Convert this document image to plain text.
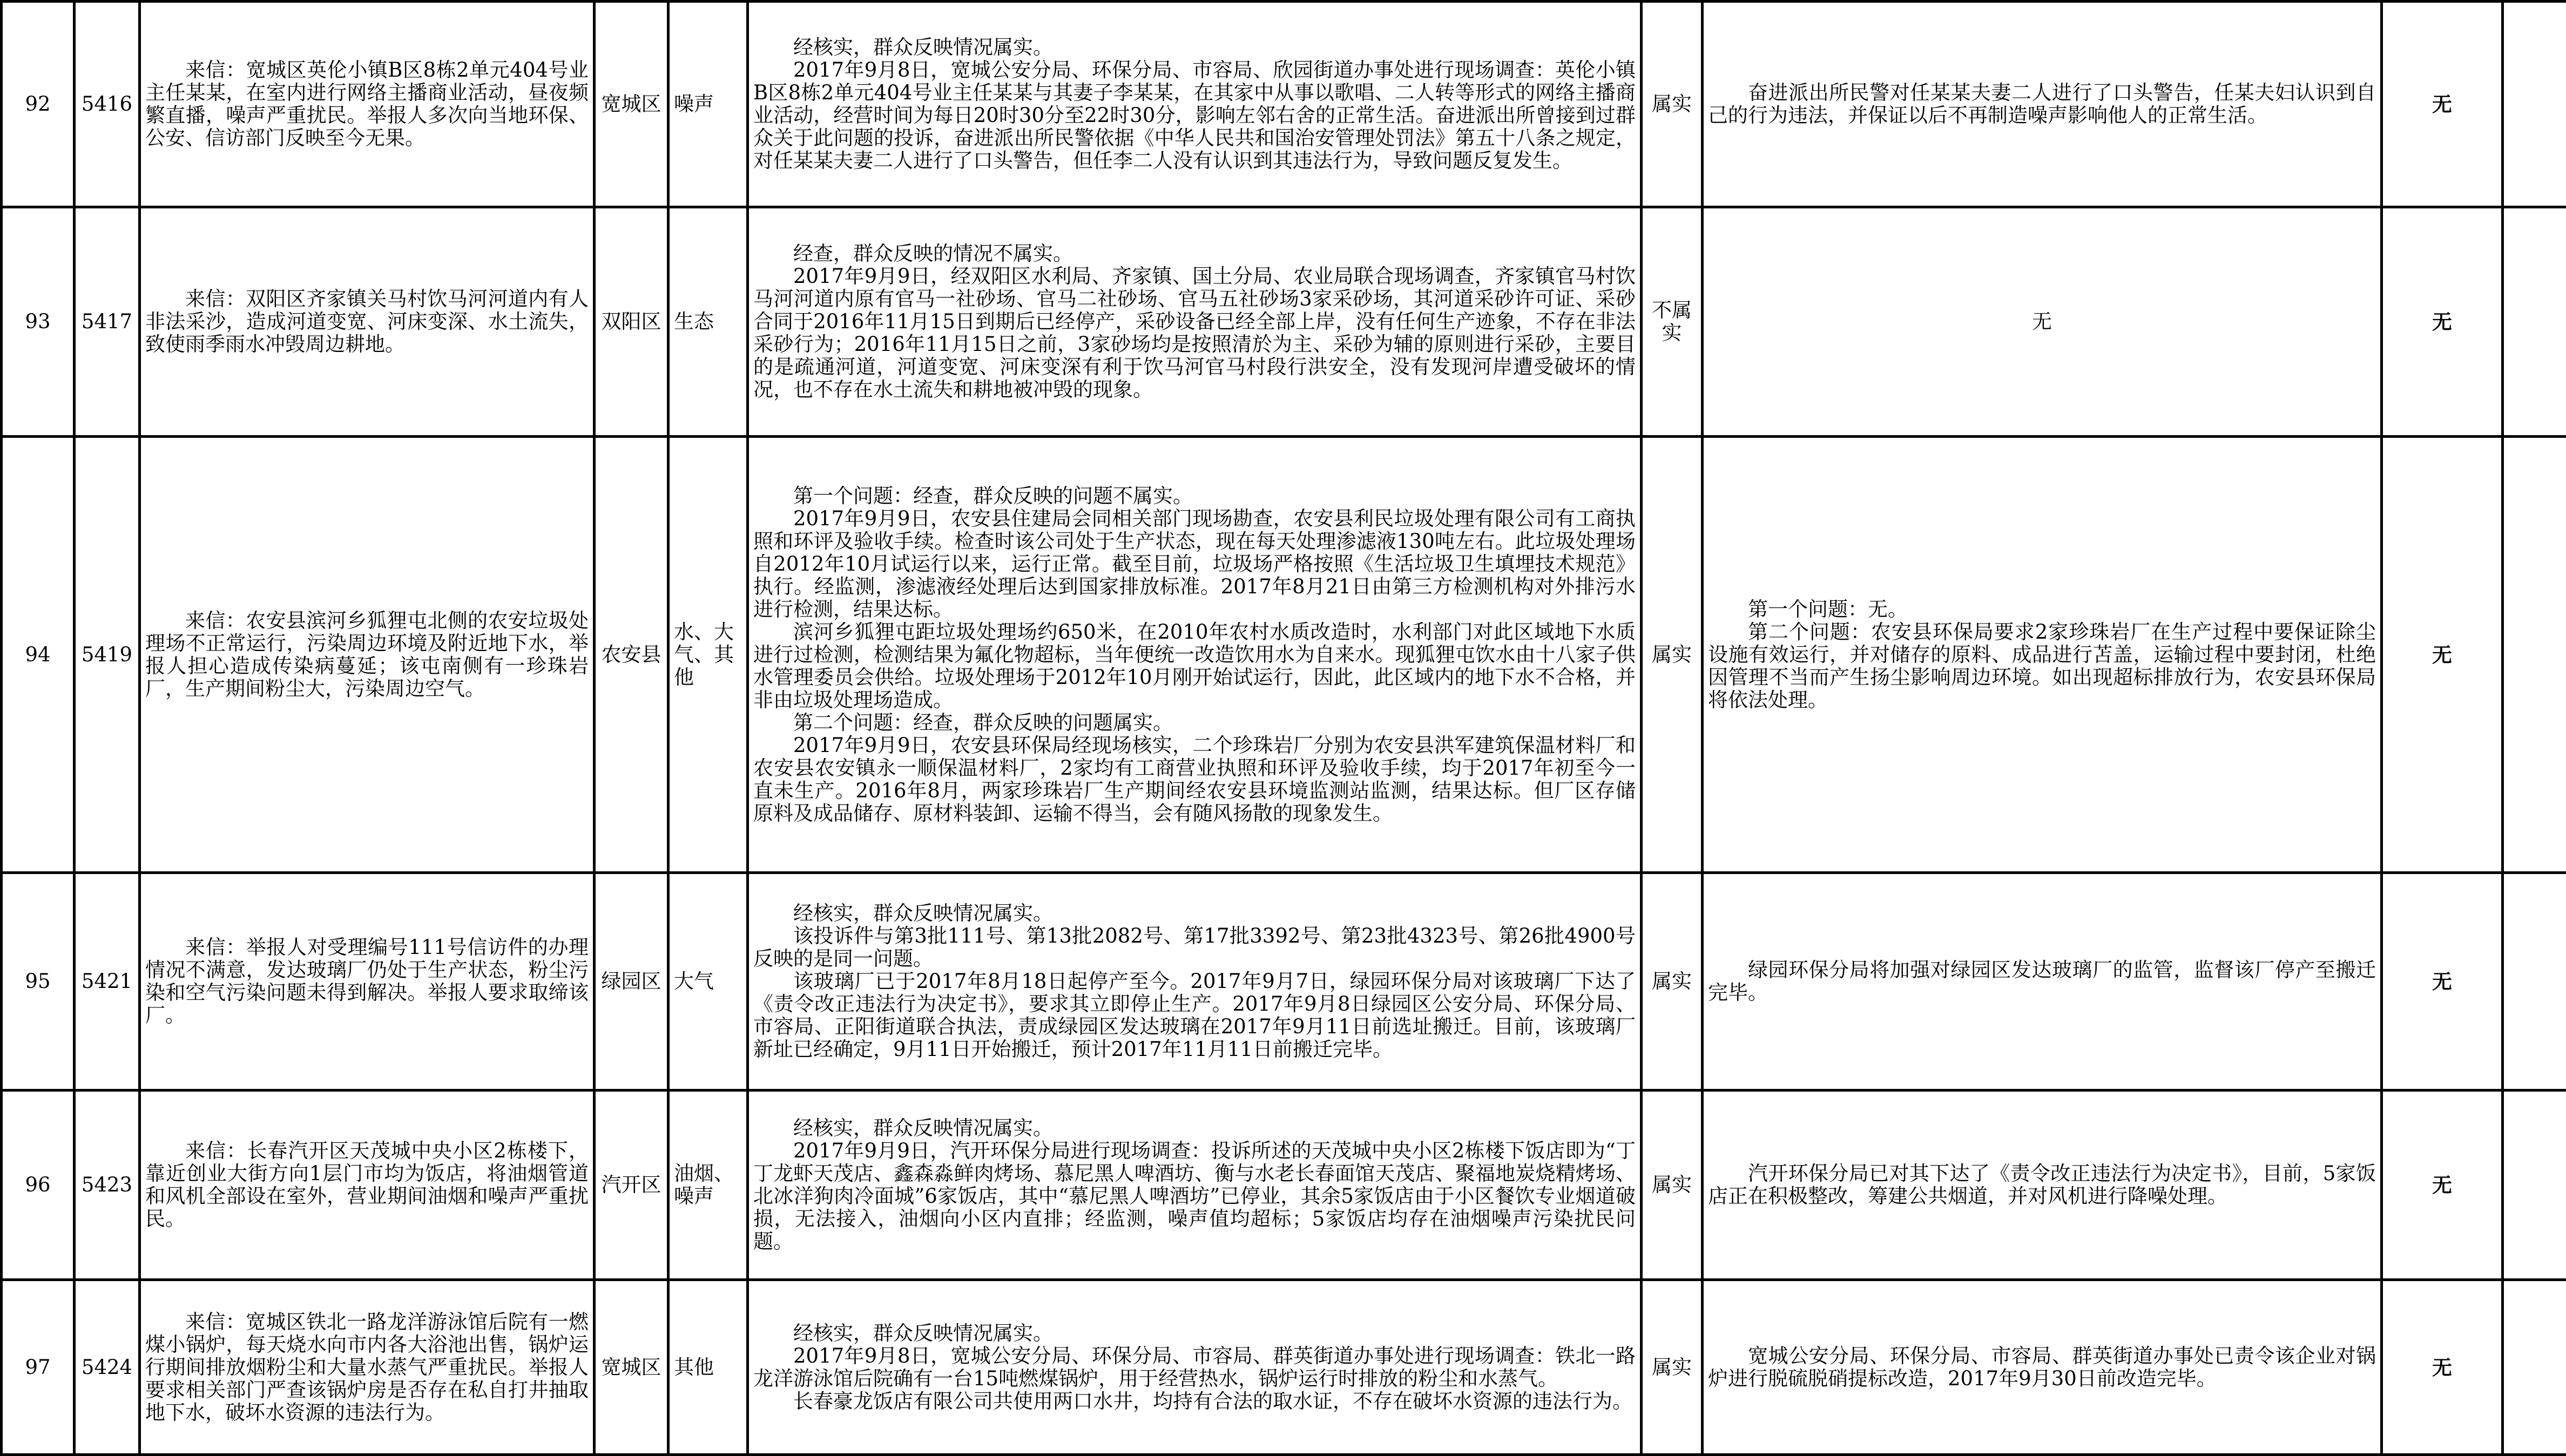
92	5416	来信：宽城区英伦小镇B区8栋2单元404号业主任某某，在室内进行网络主播商业活动，昼夜频繁直播，噪声严重扰民。举报人多次向当地环保、公安、信访部门反映至今无果。	宽城区	噪声	经核实，群众反映情况属实。
2017年9月8日，宽城公安分局、环保分局、市容局、欣园街道办事处进行现场调查：英伦小镇B区8栋2单元404号业主任某某与其妻子李某某，在其家中从事以歌唱、二人转等形式的网络主播商业活动，经营时间为每日20时30分至22时30分，影响左邻右舍的正常生活。奋进派出所曾接到过群众关于此问题的投诉，奋进派出所民警依据《中华人民共和国治安管理处罚法》第五十八条之规定，对任某某夫妻二人进行了口头警告，但任李二人没有认识到其违法行为，导致问题反复发生。	属实	奋进派出所民警对任某某夫妻二人进行了口头警告，任某夫妇认识到自己的行为违法，并保证以后不再制造噪声影响他人的正常生活。	无	
93	5417	来信：双阳区齐家镇关马村饮马河河道内有人非法采沙，造成河道变宽、河床变深、水土流失，致使雨季雨水冲毁周边耕地。	双阳区	生态	经查，群众反映的情况不属实。
2017年9月9日，经双阳区水利局、齐家镇、国土分局、农业局联合现场调查，齐家镇官马村饮马河河道内原有官马一社砂场、官马二社砂场、官马五社砂场3家采砂场，其河道采砂许可证、采砂合同于2016年11月15日到期后已经停产，采砂设备已经全部上岸，没有任何生产迹象，不存在非法采砂行为；2016年11月15日之前，3家砂场均是按照清於为主、采砂为辅的原则进行采砂，主要目的是疏通河道，河道变宽、河床变深有利于饮马河官马村段行洪安全，没有发现河岸遭受破坏的情况，也不存在水土流失和耕地被冲毁的现象。	不属实	无	无	
94	5419	来信：农安县滨河乡狐狸屯北侧的农安垃圾处理场不正常运行，污染周边环境及附近地下水，举报人担心造成传染病蔓延；该屯南侧有一珍珠岩厂，生产期间粉尘大，污染周边空气。	农安县	水、大气、其他	第一个问题：经查，群众反映的问题不属实。
2017年9月9日，农安县住建局会同相关部门现场勘查，农安县利民垃圾处理有限公司有工商执照和环评及验收手续。检查时该公司处于生产状态，现在每天处理渗滤液130吨左右。此垃圾处理场自2012年10月试运行以来，运行正常。截至目前，垃圾场严格按照《生活垃圾卫生填埋技术规范》执行。经监测，渗滤液经处理后达到国家排放标准。2017年8月21日由第三方检测机构对外排污水进行检测，结果达标。
滨河乡狐狸屯距垃圾处理场约650米，在2010年农村水质改造时，水利部门对此区域地下水质进行过检测，检测结果为氟化物超标，当年便统一改造饮用水为自来水。现狐狸屯饮水由十八家子供水管理委员会供给。垃圾处理场于2012年10月刚开始试运行，因此，此区域内的地下水不合格，并非由垃圾处理场造成。
第二个问题：经查，群众反映的问题属实。
2017年9月9日，农安县环保局经现场核实，二个珍珠岩厂分别为农安县洪军建筑保温材料厂和农安县农安镇永一顺保温材料厂，2家均有工商营业执照和环评及验收手续，均于2017年初至今一直未生产。2016年8月，两家珍珠岩厂生产期间经农安县环境监测站监测，结果达标。但厂区存储原料及成品储存、原材料装卸、运输不得当，会有随风扬散的现象发生。	属实	第一个问题：无。
第二个问题：农安县环保局要求2家珍珠岩厂在生产过程中要保证除尘设施有效运行，并对储存的原料、成品进行苫盖，运输过程中要封闭，杜绝因管理不当而产生扬尘影响周边环境。如出现超标排放行为，农安县环保局将依法处理。	无	
95	5421	来信：举报人对受理编号111号信访件的办理情况不满意，发达玻璃厂仍处于生产状态，粉尘污染和空气污染问题未得到解决。举报人要求取缔该厂。	绿园区	大气	经核实，群众反映情况属实。
该投诉件与第3批111号、第13批2082号、第17批3392号、第23批4323号、第26批4900号反映的是同一问题。
该玻璃厂已于2017年8月18日起停产至今。2017年9月7日，绿园环保分局对该玻璃厂下达了《责令改正违法行为决定书》，要求其立即停止生产。2017年9月8日绿园区公安分局、环保分局、市容局、正阳街道联合执法，责成绿园区发达玻璃在2017年9月11日前选址搬迁。目前，该玻璃厂新址已经确定，9月11日开始搬迁，预计2017年11月11日前搬迁完毕。	属实	绿园环保分局将加强对绿园区发达玻璃厂的监管，监督该厂停产至搬迁完毕。	无	
96	5423	来信：长春汽开区天茂城中央小区2栋楼下，靠近创业大街方向1层门市均为饭店，将油烟管道和风机全部设在室外，营业期间油烟和噪声严重扰民。	汽开区	油烟、噪声	经核实，群众反映情况属实。
2017年9月9日，汽开环保分局进行现场调查：投诉所述的天茂城中央小区2栋楼下饭店即为“丁丁龙虾天茂店、鑫森淼鲜肉烤场、慕尼黑人啤酒坊、衡与水老长春面馆天茂店、聚福地炭烧精烤场、北冰洋狗肉冷面城”6家饭店，其中“慕尼黑人啤酒坊”已停业，其余5家饭店由于小区餐饮专业烟道破损，无法接入，油烟向小区内直排；经监测，噪声值均超标；5家饭店均存在油烟噪声污染扰民问题。	属实	汽开环保分局已对其下达了《责令改正违法行为决定书》，目前，5家饭店正在积极整改，筹建公共烟道，并对风机进行降噪处理。	无	
97	5424	来信：宽城区铁北一路龙洋游泳馆后院有一燃煤小锅炉，每天烧水向市内各大浴池出售，锅炉运行期间排放烟粉尘和大量水蒸气严重扰民。举报人要求相关部门严查该锅炉房是否存在私自打井抽取地下水，破坏水资源的违法行为。	宽城区	其他	经核实，群众反映情况属实。
2017年9月8日，宽城公安分局、环保分局、市容局、群英街道办事处进行现场调查：铁北一路龙洋游泳馆后院确有一台15吨燃煤锅炉，用于经营热水，锅炉运行时排放的粉尘和水蒸气。
长春豪龙饭店有限公司共使用两口水井，均持有合法的取水证，不存在破坏水资源的违法行为。	属实	宽城公安分局、环保分局、市容局、群英街道办事处已责令该企业对锅炉进行脱硫脱硝提标改造，2017年9月30日前改造完毕。	无	
